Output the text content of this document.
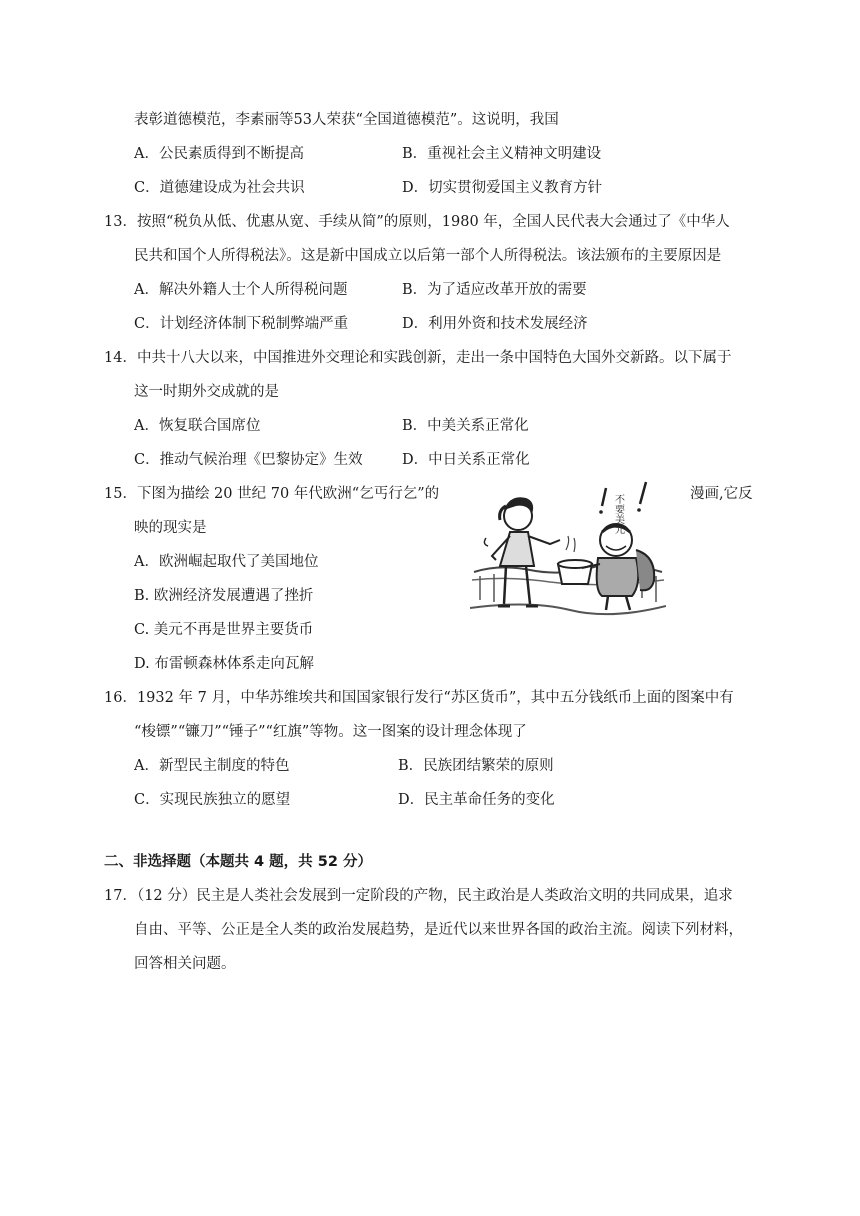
表彰道德模范，李素丽等53人荣获“全国道德模范”。这说明，我国
A．公民素质得到不断提高	B．重视社会主义精神文明建设
C．道德建设成为社会共识	D．切实贯彻爱国主义教育方针
13．按照“税负从低、优惠从宽、手续从简”的原则，1980 年，全国人民代表大会通过了《中华人
民共和国个人所得税法》。这是新中国成立以后第一部个人所得税法。该法颁布的主要原因是
A．解决外籍人士个人所得税问题	B．为了适应改革开放的需要
C．计划经济体制下税制弊端严重	D．利用外资和技术发展经济
14．中共十八大以来，中国推进外交理论和实践创新，走出一条中国特色大国外交新路。以下属于
这一时期外交成就的是
A．恢复联合国席位	B．中美关系正常化
C．推动气候治理《巴黎协定》生效	D．中日关系正常化
15．下图为描绘 20 世纪 70 年代欧洲“乞丐行乞”的	漫画,它反
映的现实是
A．欧洲崛起取代了美国地位
B. 欧洲经济发展遭遇了挫折
C. 美元不再是世界主要货币
D. 布雷顿森林体系走向瓦解
不要美元
16．1932 年 7 月，中华苏维埃共和国国家银行发行“苏区货币”，其中五分钱纸币上面的图案中有
“梭镖”“镰刀”“锤子”“红旗”等物。这一图案的设计理念体现了
A．新型民主制度的特色	B．民族团结繁荣的原则
C．实现民族独立的愿望	D．民主革命任务的变化
二、非选择题（本题共 4 题，共 52 分）
17．（12 分）民主是人类社会发展到一定阶段的产物，民主政治是人类政治文明的共同成果，追求
自由、平等、公正是全人类的政治发展趋势，是近代以来世界各国的政治主流。阅读下列材料，
回答相关问题。
